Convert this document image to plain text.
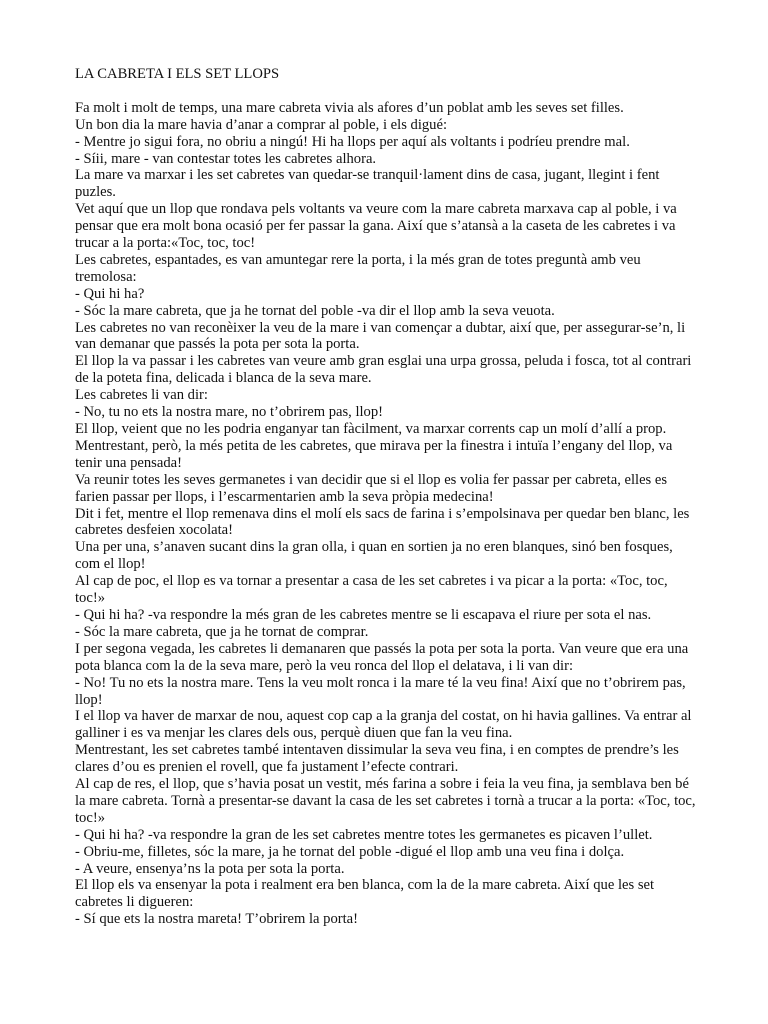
LA CABRETA I ELS SET LLOPS

Fa molt i molt de temps, una mare cabreta vivia als afores d’un poblat amb les seves set filles.

Un bon dia la mare havia d’anar a comprar al poble, i els digué:

- Mentre jo sigui fora, no obriu a ningú! Hi ha llops per aquí als voltants i podríeu prendre mal.

- Síii, mare - van contestar totes les cabretes alhora.

La mare va marxar i les set cabretes van quedar-se tranquil·lament dins de casa, jugant, llegint i fent puzles.

Vet aquí que un llop que rondava pels voltants va veure com la mare cabreta marxava cap al poble, i va pensar que era molt bona ocasió per fer passar la gana. Així que s’atansà a la caseta de les cabretes i va trucar a la porta:«Toc, toc, toc!

Les cabretes, espantades, es van amuntegar rere la porta, i la més gran de totes preguntà amb veu tremolosa:

- Qui hi ha?

- Sóc la mare cabreta, que ja he tornat del poble -va dir el llop amb la seva veuota.

Les cabretes no van reconèixer la veu de la mare i van començar a dubtar, així que, per assegurar-se’n, li van demanar que passés la pota per sota la porta.

El llop la va passar i les cabretes van veure amb gran esglai una urpa grossa, peluda i fosca, tot al contrari de la poteta fina, delicada i blanca de la seva mare.

Les cabretes li van dir:

- No, tu no ets la nostra mare, no t’obrirem pas, llop!

El llop, veient que no les podria enganyar tan fàcilment, va marxar corrents cap un molí d’allí a prop. Mentrestant, però, la més petita de les cabretes, que mirava per la finestra i intuïa l’engany del llop, va tenir una pensada!

Va reunir totes les seves germanetes i van decidir que si el llop es volia fer passar per cabreta, elles es farien passar per llops, i l’escarmentarien amb la seva pròpia medecina!

Dit i fet, mentre el llop remenava dins el molí els sacs de farina i s’empolsinava per quedar ben blanc, les cabretes desfeien xocolata!

Una per una, s’anaven sucant dins la gran olla, i quan en sortien ja no eren blanques, sinó ben fosques, com el llop!

Al cap de poc, el llop es va tornar a presentar a casa de les set cabretes i va picar a la porta: «Toc, toc, toc!»

- Qui hi ha? -va respondre la més gran de les cabretes mentre se li escapava el riure per sota el nas.

- Sóc la mare cabreta, que ja he tornat de comprar.

I per segona vegada, les cabretes li demanaren que passés la pota per sota la porta. Van veure que era una pota blanca com la de la seva mare, però la veu ronca del llop el delatava, i li van dir:

- No! Tu no ets la nostra mare. Tens la veu molt ronca i la mare té la veu fina! Així que no t’obrirem pas, llop!

I el llop va haver de marxar de nou, aquest cop cap a la granja del costat, on hi havia gallines. Va entrar al galliner i es va menjar les clares dels ous, perquè diuen que fan la veu fina.

Mentrestant, les set cabretes també intentaven dissimular la seva veu fina, i en comptes de prendre’s les clares d’ou es prenien el rovell, que fa justament l’efecte contrari.

Al cap de res, el llop, que s’havia posat un vestit, més farina a sobre i feia la veu fina, ja semblava ben bé la mare cabreta. Tornà a presentar-se davant la casa de les set cabretes i tornà a trucar a la porta: «Toc, toc, toc!»

- Qui hi ha? -va respondre la gran de les set cabretes mentre totes les germanetes es picaven l’ullet.

- Obriu-me, filletes, sóc la mare, ja he tornat del poble -digué el llop amb una veu fina i dolça.

- A veure, ensenya’ns la pota per sota la porta.

El llop els va ensenyar la pota i realment era ben blanca, com la de la mare cabreta. Així que les set cabretes li digueren:

- Sí que ets la nostra mareta! T’obrirem la porta!
